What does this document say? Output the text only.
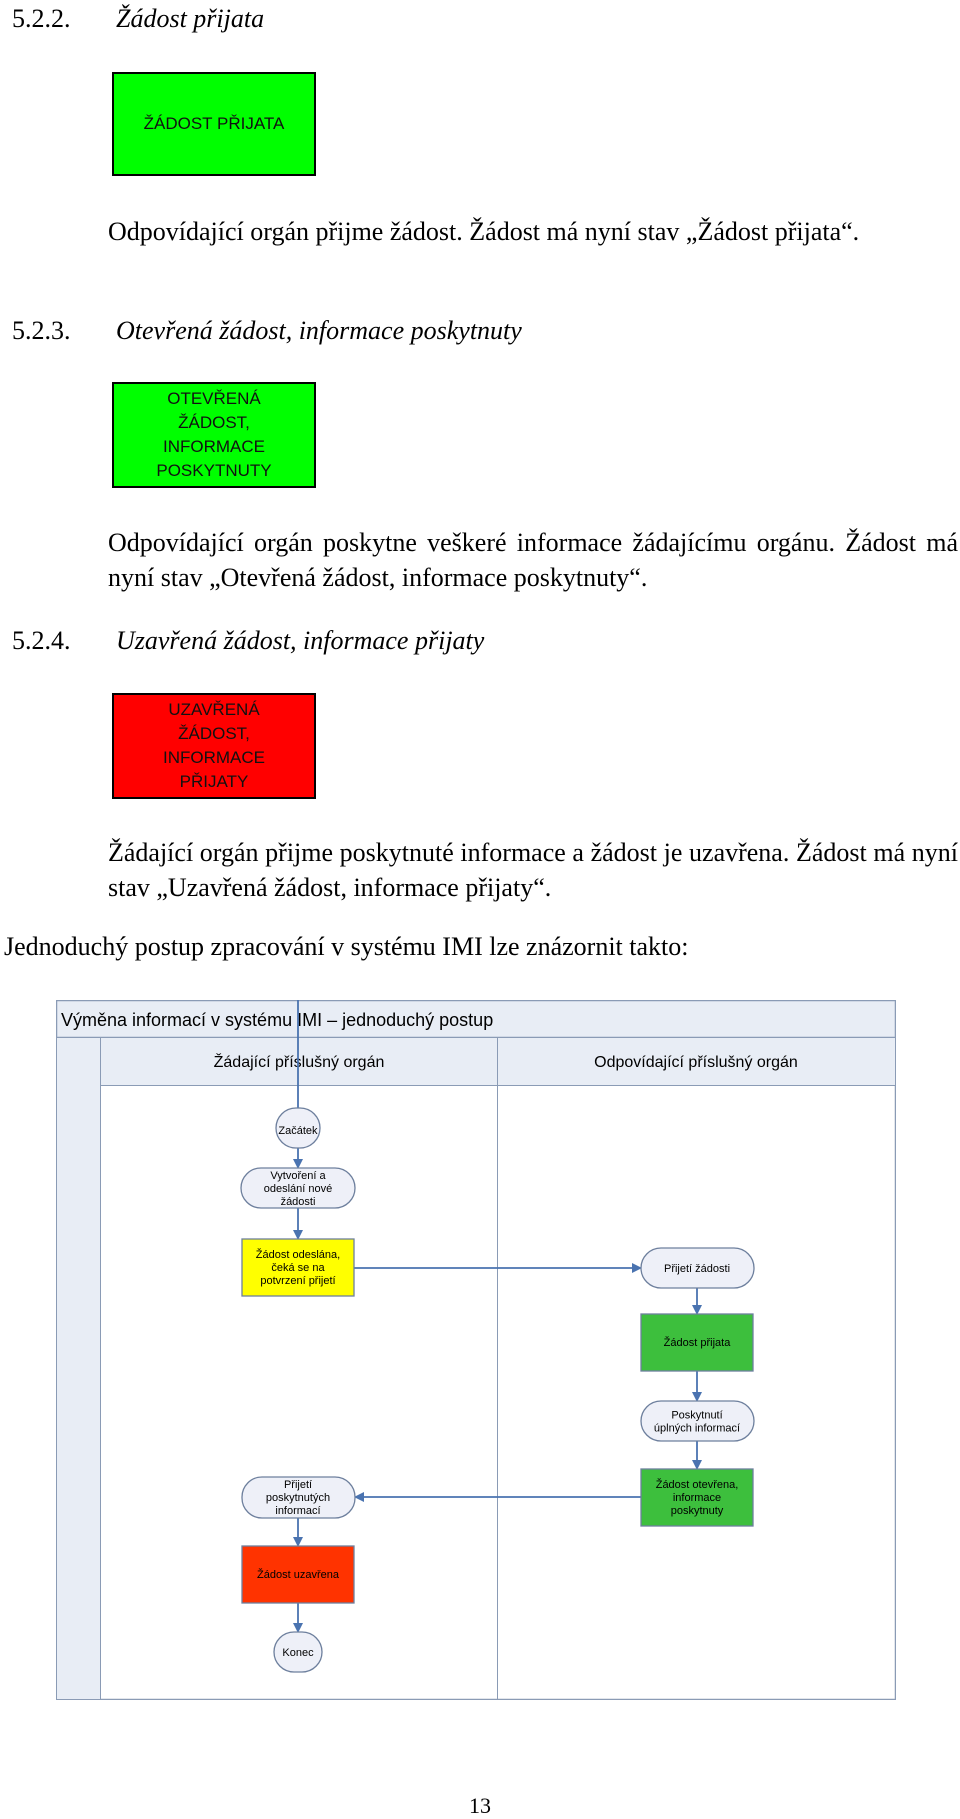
5.2.2. Žádost přijata
ŽÁDOST PŘIJATA

Odpovídající orgán přijme žádost. Žádost má nyní stav „Žádost přijata“.

5.2.3. Otevřená žádost, informace poskytnuty
OTEVŘENÁ ŽÁDOST, INFORMACE POSKYTNUTY

Odpovídající orgán poskytne veškeré informace žádajícímu orgánu. Žádost má nyní stav „Otevřená žádost, informace poskytnuty“.

5.2.4. Uzavřená žádost, informace přijaty
UZAVŘENÁ ŽÁDOST, INFORMACE PŘIJATY

Žádající orgán přijme poskytnuté informace a žádost je uzavřena. Žádost má nyní stav „Uzavřená žádost, informace přijaty“.

Jednoduchý postup zpracování v systému IMI lze znázornit takto:
Výměna informací v systému IMI – jednoduchý postup
Žádající příslušný orgán	Odpovídající příslušný orgán
Začátek
Vytvoření a odeslání nové žádosti
Žádost odeslána, čeká se na potvrzení přijetí
Přijetí žádosti
Žádost přijata
Poskytnutí úplných informací
Žádost otevřena, informace poskytnuty
Přijetí poskytnutých informací
Žádost uzavřena
Konec
13
